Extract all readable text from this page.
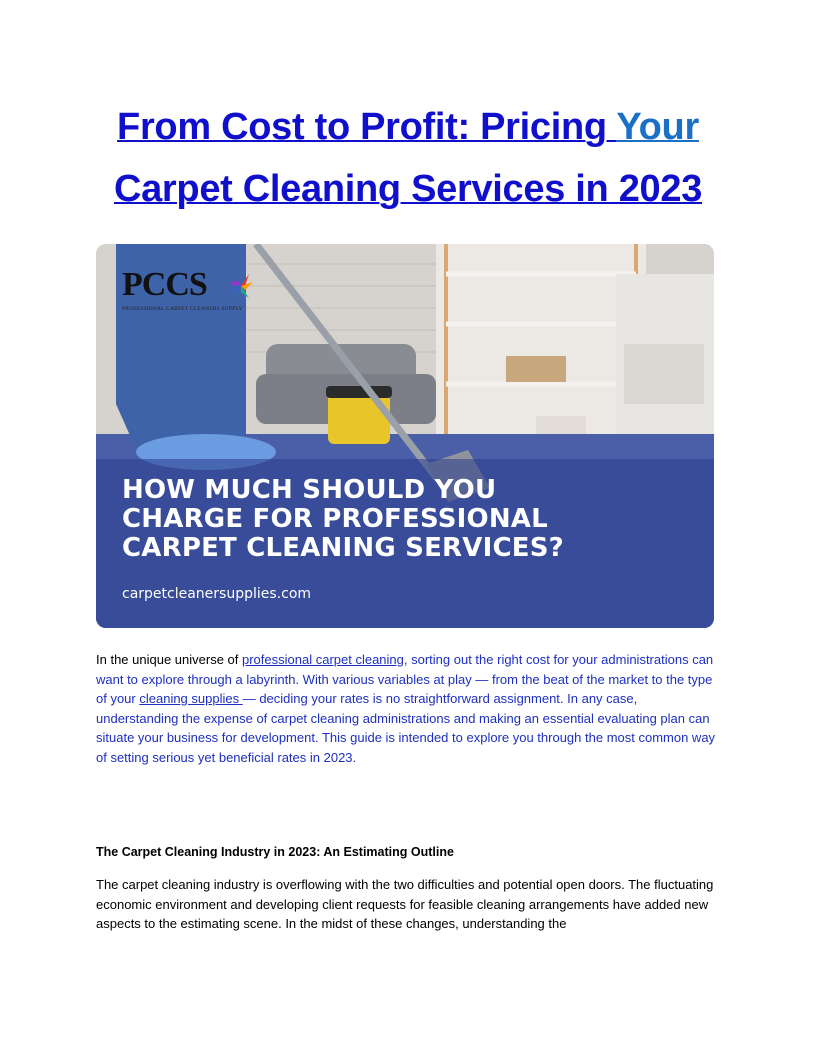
From Cost to Profit: Pricing Your
Carpet Cleaning Services in 2023
PCCS
PROFESSIONAL CARPET CLEANERS SUPPLY
HOW MUCH SHOULD YOU
CHARGE FOR PROFESSIONAL
CARPET CLEANING SERVICES?
carpetcleanersupplies.com
In the unique universe of professional carpet cleaning, sorting out the right cost for your administrations can want to explore through a labyrinth. With various variables at play — from the beat of the market to the type of your cleaning supplies — deciding your rates is no straightforward assignment. In any case, understanding the expense of carpet cleaning administrations and making an essential evaluating plan can situate your business for development. This guide is intended to explore you through the most common way of setting serious yet beneficial rates in 2023.
The Carpet Cleaning Industry in 2023: An Estimating Outline
The carpet cleaning industry is overflowing with the two difficulties and potential open doors. The fluctuating economic environment and developing client requests for feasible cleaning arrangements have added new aspects to the estimating scene. In the midst of these changes, understanding the
